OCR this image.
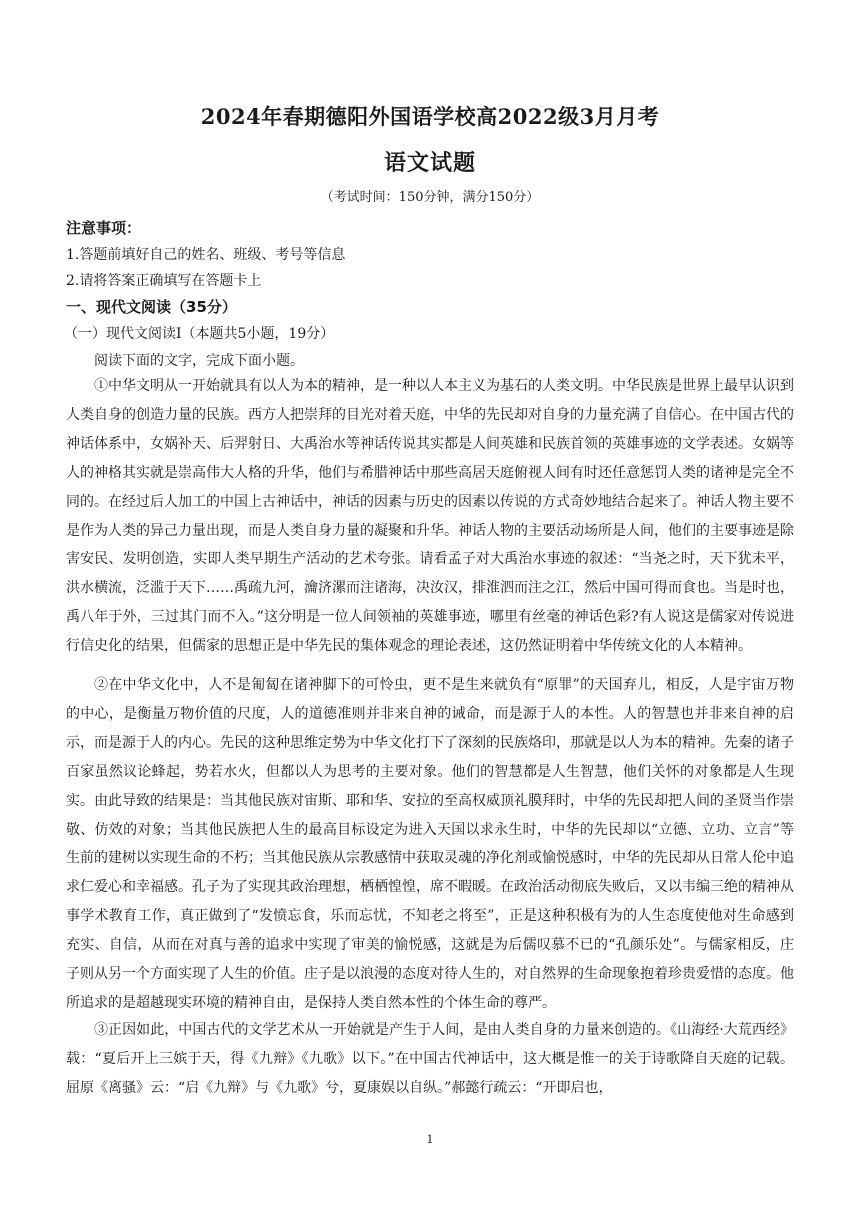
2024年春期德阳外国语学校高2022级3月月考
语文试题
（考试时间：150分钟，满分150分）
注意事项：
1.答题前填好自己的姓名、班级、考号等信息
2.请将答案正确填写在答题卡上
一、现代文阅读（35分）
（一）现代文阅读Ⅰ（本题共5小题，19分）
阅读下面的文字，完成下面小题。

①中华文明从一开始就具有以人为本的精神，是一种以人本主义为基石的人类文明。中华民族是世界上最早认识到人类自身的创造力量的民族。西方人把崇拜的目光对着天庭，中华的先民却对自身的力量充满了自信心。在中国古代的神话体系中，女娲补天、后羿射日、大禹治水等神话传说其实都是人间英雄和民族首领的英雄事迹的文学表述。女娲等人的神格其实就是崇高伟大人格的升华，他们与希腊神话中那些高居天庭俯视人间有时还任意惩罚人类的诸神是完全不同的。在经过后人加工的中国上古神话中，神话的因素与历史的因素以传说的方式奇妙地结合起来了。神话人物主要不是作为人类的异己力量出现，而是人类自身力量的凝聚和升华。神话人物的主要活动场所是人间，他们的主要事迹是除害安民、发明创造，实即人类早期生产活动的艺术夸张。请看孟子对大禹治水事迹的叙述：“当尧之时，天下犹未平，洪水横流，泛滥于天下……禹疏九河，瀹济漯而注诸海，决汝汉，排淮泗而注之江，然后中国可得而食也。当是时也，禹八年于外，三过其门而不入。”这分明是一位人间领袖的英雄事迹，哪里有丝毫的神话色彩?有人说这是儒家对传说进行信史化的结果，但儒家的思想正是中华先民的集体观念的理论表述，这仍然证明着中华传统文化的人本精神。

②在中华文化中，人不是匍匐在诸神脚下的可怜虫，更不是生来就负有“原罪”的天国弃儿，相反，人是宇宙万物的中心，是衡量万物价值的尺度，人的道德准则并非来自神的诫命，而是源于人的本性。人的智慧也并非来自神的启示，而是源于人的内心。先民的这种思维定势为中华文化打下了深刻的民族烙印，那就是以人为本的精神。先秦的诸子百家虽然议论蜂起，势若水火，但都以人为思考的主要对象。他们的智慧都是人生智慧，他们关怀的对象都是人生现实。由此导致的结果是：当其他民族对宙斯、耶和华、安拉的至高权威顶礼膜拜时，中华的先民却把人间的圣贤当作崇敬、仿效的对象；当其他民族把人生的最高目标设定为进入天国以求永生时，中华的先民却以“立德、立功、立言”等生前的建树以实现生命的不朽；当其他民族从宗教感情中获取灵魂的净化剂或愉悦感时，中华的先民却从日常人伦中追求仁爱心和幸福感。孔子为了实现其政治理想，栖栖惶惶，席不暇暖。在政治活动彻底失败后，又以韦编三绝的精神从事学术教育工作，真正做到了“发愤忘食，乐而忘忧，不知老之将至”，正是这种积极有为的人生态度使他对生命感到充实、自信，从而在对真与善的追求中实现了审美的愉悦感，这就是为后儒叹慕不已的“孔颜乐处”。与儒家相反，庄子则从另一个方面实现了人生的价值。庄子是以浪漫的态度对待人生的，对自然界的生命现象抱着珍贵爱惜的态度。他所追求的是超越现实环境的精神自由，是保持人类自然本性的个体生命的尊严。

③正因如此，中国古代的文学艺术从一开始就是产生于人间，是由人类自身的力量来创造的。《山海经·大荒西经》载：“夏后开上三嫔于天，得《九辩》《九歌》以下。”在中国古代神话中，这大概是惟一的关于诗歌降自天庭的记载。屈原《离骚》云：“启《九辩》与《九歌》兮，夏康娱以自纵。”郝懿行疏云：“开即启也，

1
